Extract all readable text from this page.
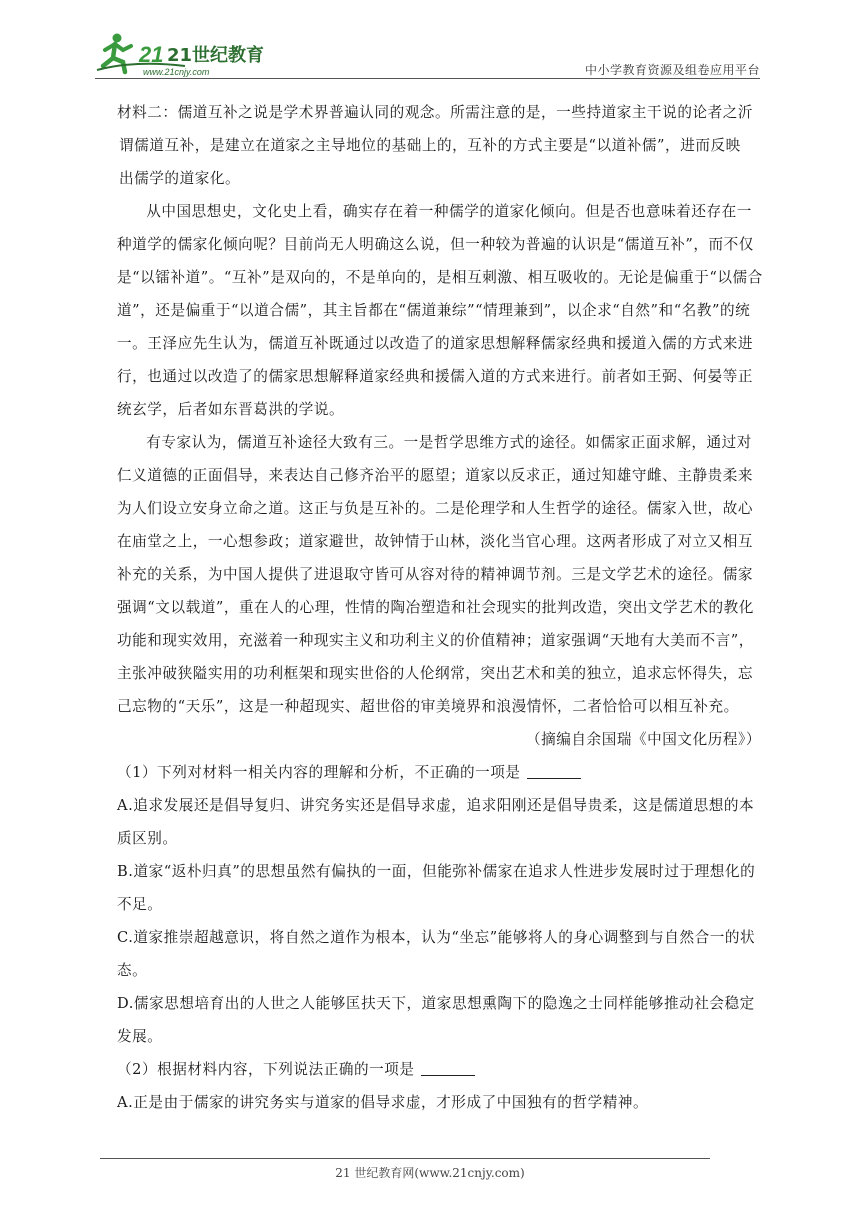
21 21世纪教育
www.21cnjy.com	中小学教育资源及组卷应用平台

材料二：儒道互补之说是学术界普遍认同的观念。所需注意的是，一些持道家主干说的论者之沂

谓儒道互补，是建立在道家之主导地位的基础上的，互补的方式主要是“以道补儒”，进而反映

出儒学的道家化。

从中国思想史，文化史上看，确实存在着一种儒学的道家化倾向。但是否也意味着还存在一种道学的儒家化倾向呢？目前尚无人明确这么说，但一种较为普遍的认识是“儒道互补”，而不仅是“以镭补道”。“互补”是双向的，不是单向的，是相互刺激、相互吸收的。无论是偏重于“以儒合道”，还是偏重于“以道合儒”，其主旨都在“儒道兼综”“情理兼到”，以企求“自然”和“名教”的统一。王泽应先生认为，儒道互补既通过以改造了的道家思想解释儒家经典和援道入儒的方式来进行，也通过以改造了的儒家思想解释道家经典和援儒入道的方式来进行。前者如王弼、何晏等正统玄学，后者如东晋葛洪的学说。

有专家认为，儒道互补途径大致有三。一是哲学思维方式的途径。如儒家正面求解，通过对仁义道德的正面倡导，来表达自己修齐治平的愿望；道家以反求正，通过知雄守雌、主静贵柔来为人们设立安身立命之道。这正与负是互补的。二是伦理学和人生哲学的途径。儒家入世，故心在庙堂之上，一心想参政；道家避世，故钟情于山林，淡化当官心理。这两者形成了对立又相互补充的关系，为中国人提供了进退取守皆可从容对待的精神调节剂。三是文学艺术的途径。儒家强调“文以载道”，重在人的心理，性情的陶冶塑造和社会现实的批判改造，突出文学艺术的教化功能和现实效用，充滋着一种现实主义和功利主义的价值精神；道家强调“天地有大美而不言”，主张冲破狭隘实用的功利框架和现实世俗的人伦纲常，突出艺术和美的独立，追求忘怀得失，忘己忘物的“天乐”，这是一种超现实、超世俗的审美境界和浪漫情怀，二者恰恰可以相互补充。

（摘编自余国瑞《中国文化历程》）

（1）下列对材料一相关内容的理解和分析，不正确的一项是

A.追求发展还是倡导复归、讲究务实还是倡导求虚，追求阳刚还是倡导贵柔，这是儒道思想的本质区别。

B.道家“返朴归真”的思想虽然有偏执的一面，但能弥补儒家在追求人性进步发展时过于理想化的不足。

C.道家推崇超越意识，将自然之道作为根本，认为“坐忘”能够将人的身心调整到与自然合一的状态。

D.儒家思想培育出的人世之人能够匡扶天下，道家思想熏陶下的隐逸之士同样能够推动社会稳定发展。

（2）根据材料内容，下列说法正确的一项是

A.正是由于儒家的讲究务实与道家的倡导求虚，才形成了中国独有的哲学精神。

21 世纪教育网(www.21cnjy.com)
